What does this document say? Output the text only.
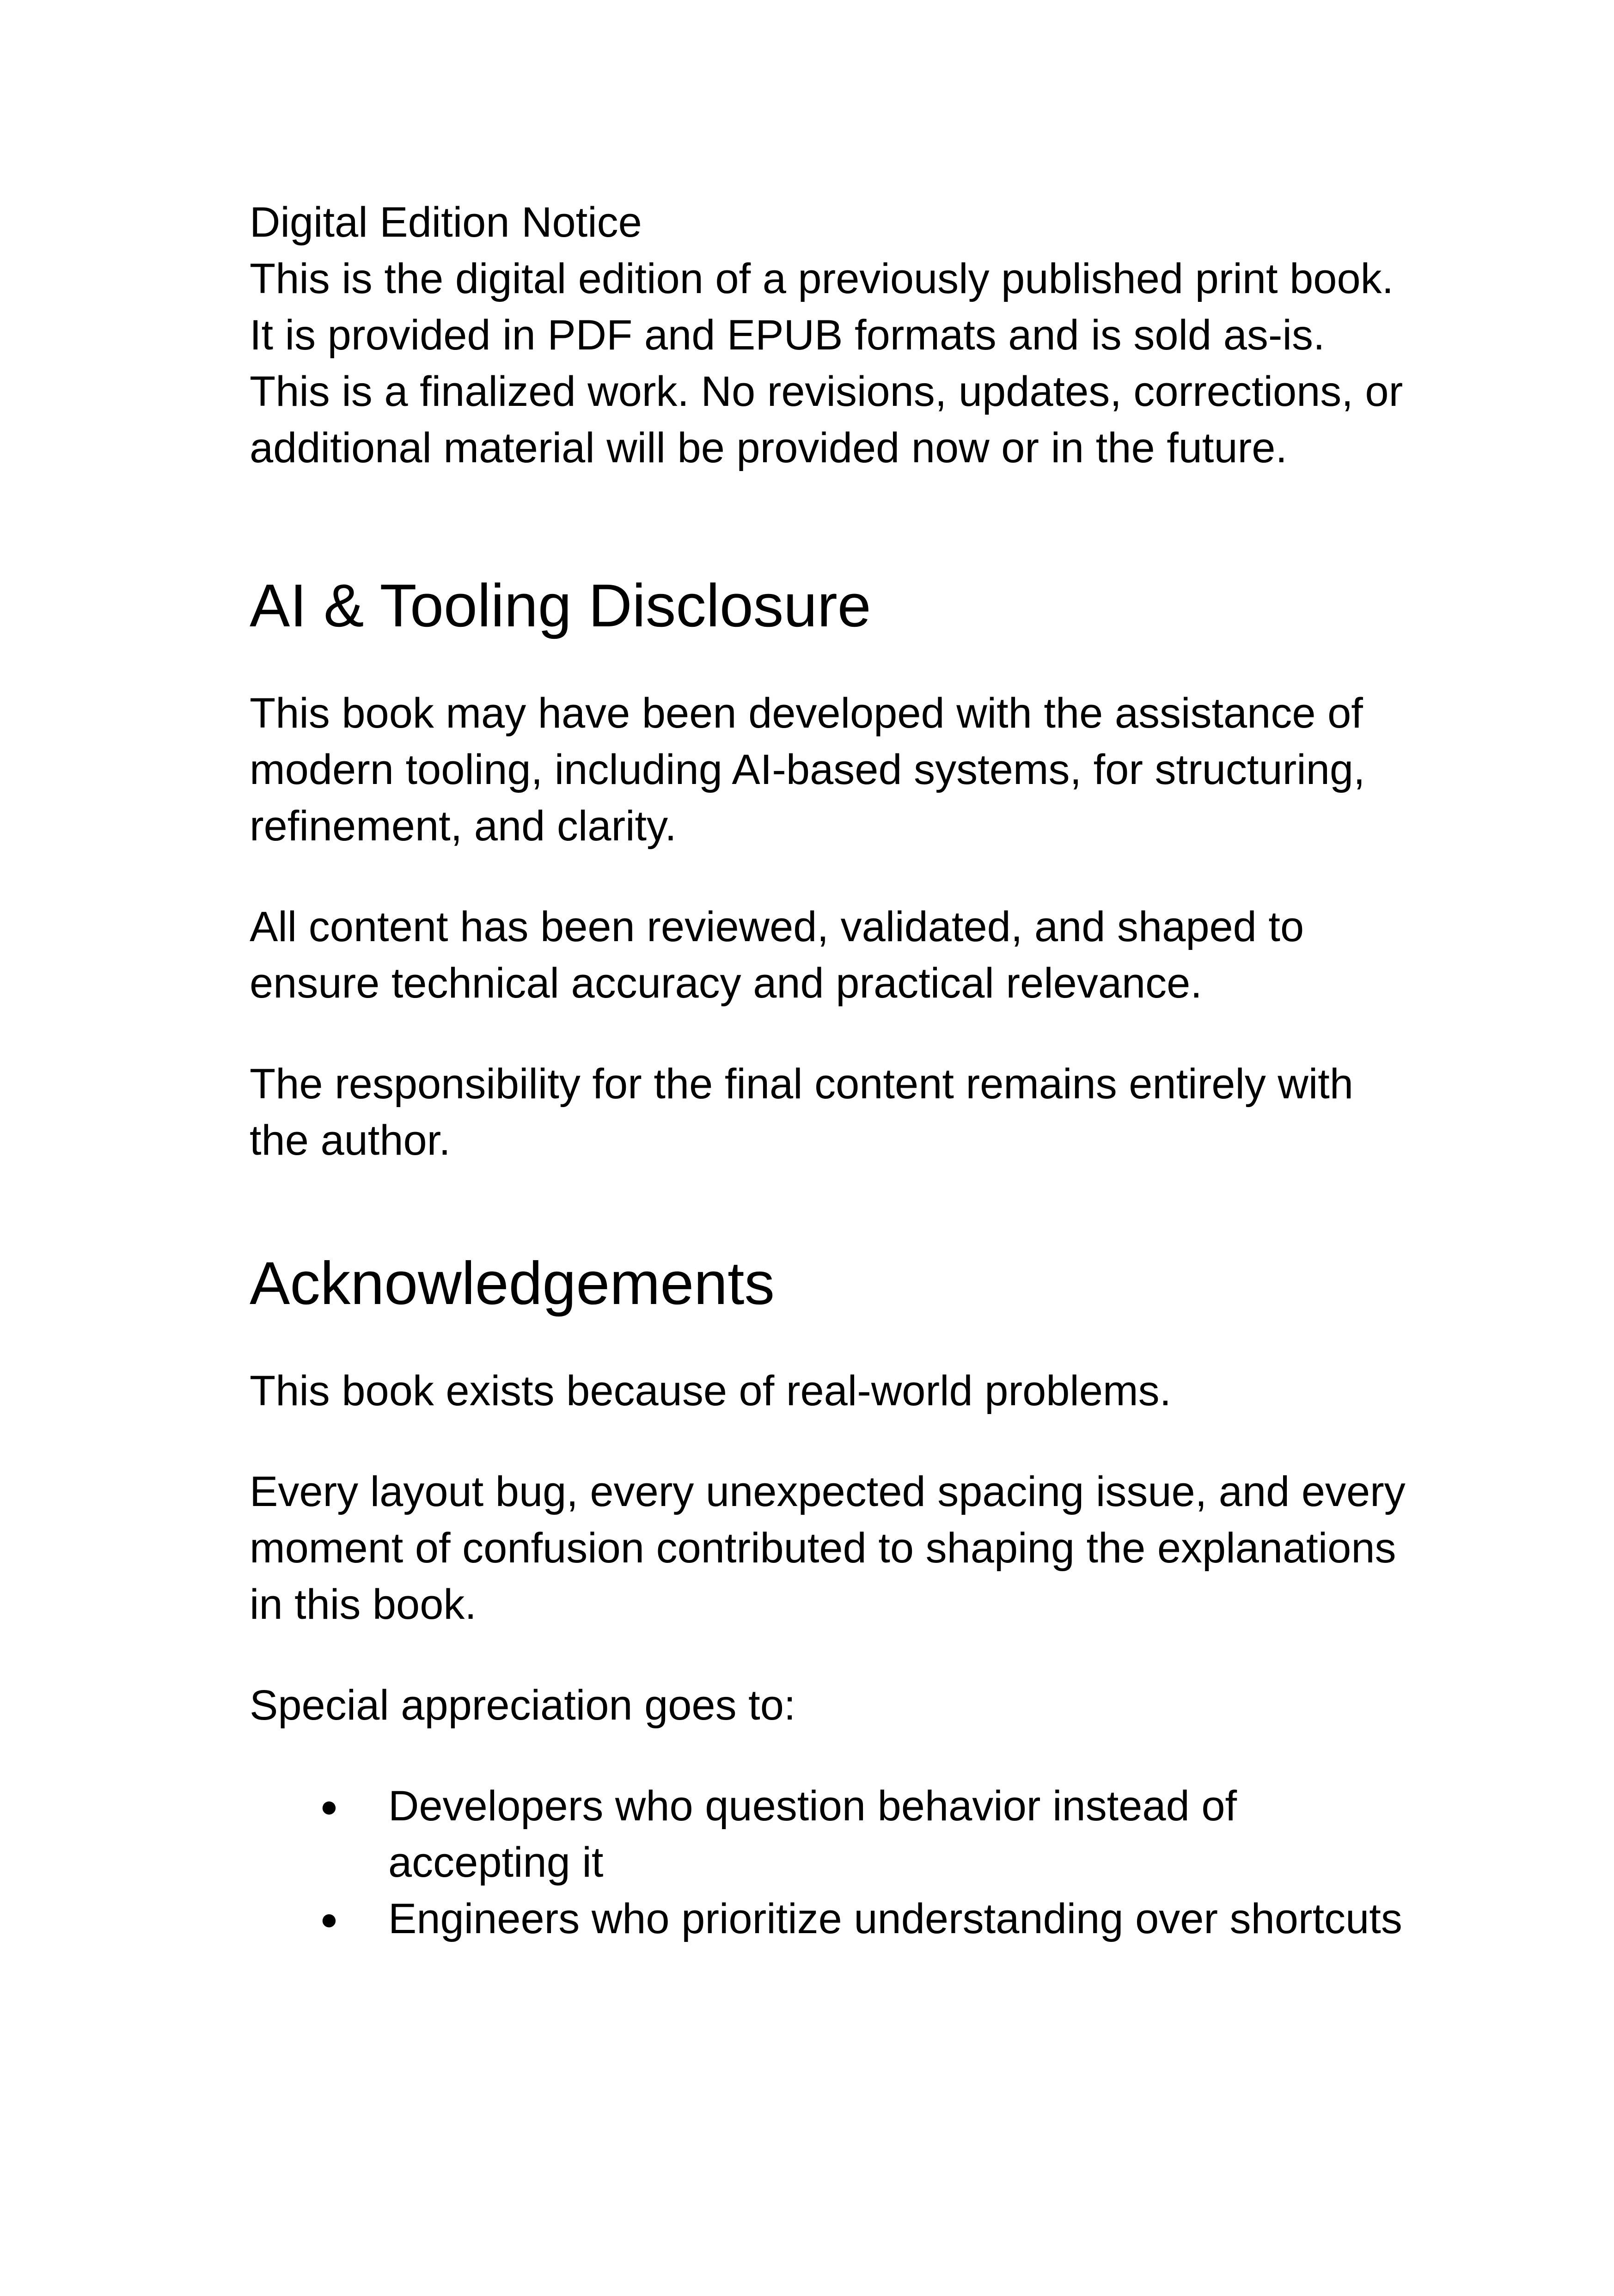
Digital Edition Notice

This is the digital edition of a previously published print book.

It is provided in PDF and EPUB formats and is sold as-is.

This is a finalized work. No revisions, updates, corrections, or

additional material will be provided now or in the future.

AI & Tooling Disclosure

This book may have been developed with the assistance of
modern tooling, including AI-based systems, for structuring,
refinement, and clarity.

All content has been reviewed, validated, and shaped to
ensure technical accuracy and practical relevance.

The responsibility for the final content remains entirely with
the author.

Acknowledgements

This book exists because of real-world problems.

Every layout bug, every unexpected spacing issue, and every
moment of confusion contributed to shaping the explanations
in this book.

Special appreciation goes to:

● Developers who question behavior instead of
accepting it
● Engineers who prioritize understanding over shortcuts
